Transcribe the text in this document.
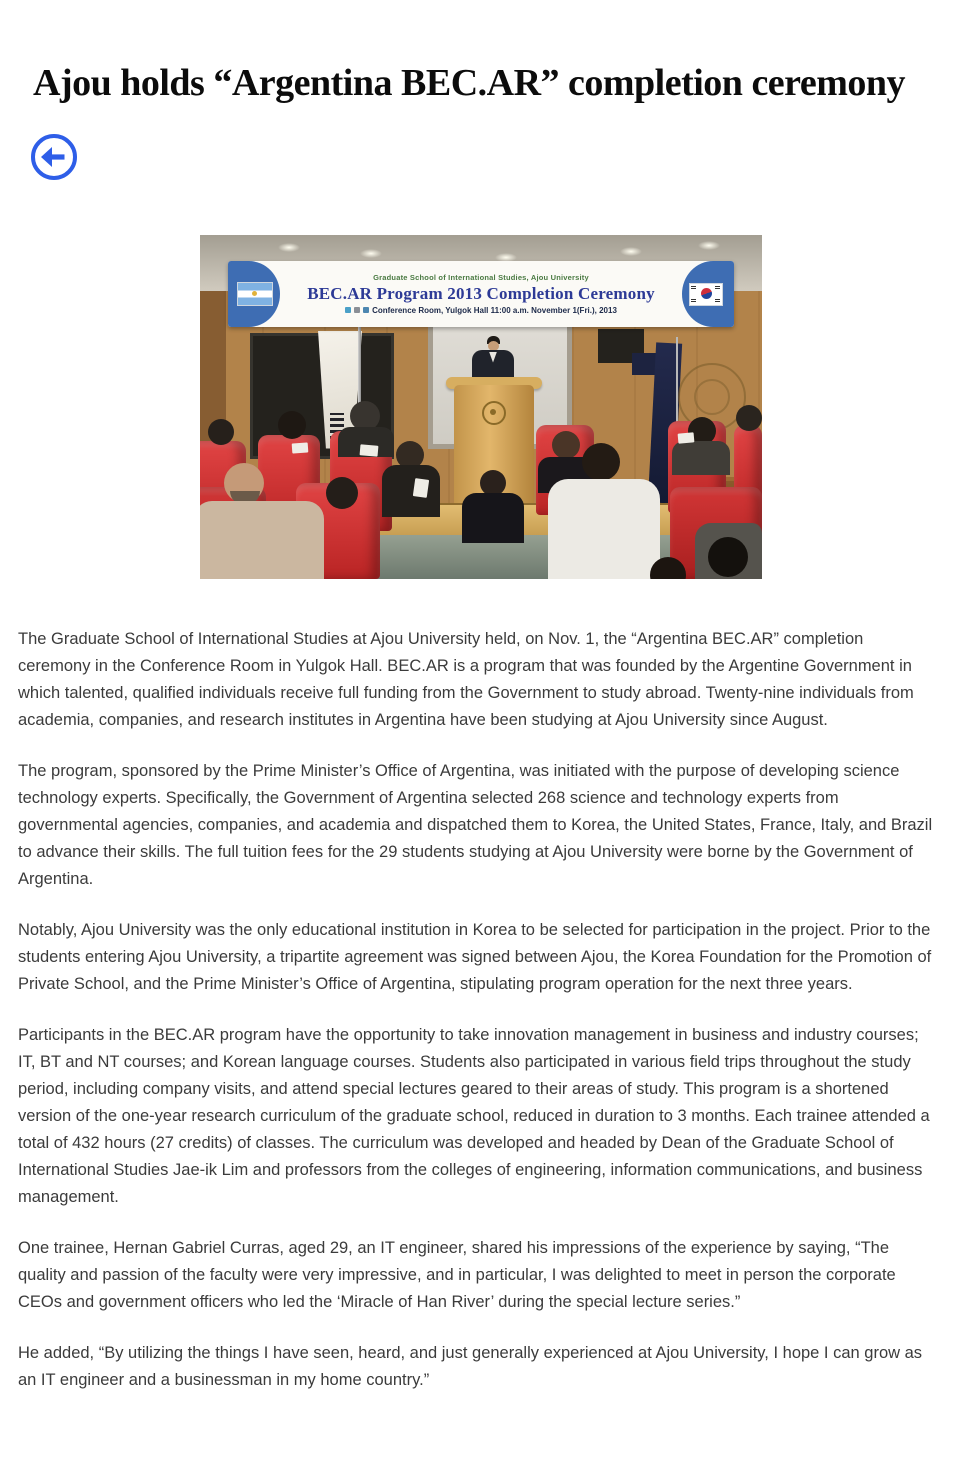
Ajou holds “Argentina BEC.AR” completion ceremony
Graduate School of International Studies, Ajou University
BEC.AR Program 2013 Completion Ceremony
Conference Room, Yulgok Hall 11:00 a.m. November 1(Fri.), 2013

The Graduate School of International Studies at Ajou University held, on Nov. 1, the “Argentina BEC.AR” completion ceremony in the Conference Room in Yulgok Hall. BEC.AR is a program that was founded by the Argentine Government in which talented, qualified individuals receive full funding from the Government to study abroad. Twenty-nine individuals from academia, companies, and research institutes in Argentina have been studying at Ajou University since August.

The program, sponsored by the Prime Minister’s Office of Argentina, was initiated with the purpose of developing science technology experts. Specifically, the Government of Argentina selected 268 science and technology experts from governmental agencies, companies, and academia and dispatched them to Korea, the United States, France, Italy, and Brazil to advance their skills. The full tuition fees for the 29 students studying at Ajou University were borne by the Government of Argentina.

Notably, Ajou University was the only educational institution in Korea to be selected for participation in the project. Prior to the students entering Ajou University, a tripartite agreement was signed between Ajou, the Korea Foundation for the Promotion of Private School, and the Prime Minister’s Office of Argentina, stipulating program operation for the next three years.

Participants in the BEC.AR program have the opportunity to take innovation management in business and industry courses; IT, BT and NT courses; and Korean language courses. Students also participated in various field trips throughout the study period, including company visits, and attend special lectures geared to their areas of study. This program is a shortened version of the one-year research curriculum of the graduate school, reduced in duration to 3 months. Each trainee attended a total of 432 hours (27 credits) of classes. The curriculum was developed and headed by Dean of the Graduate School of International Studies Jae-ik Lim and professors from the colleges of engineering, information communications, and business management.

One trainee, Hernan Gabriel Curras, aged 29, an IT engineer, shared his impressions of the experience by saying, “The quality and passion of the faculty were very impressive, and in particular, I was delighted to meet in person the corporate CEOs and government officers who led the ‘Miracle of Han River’ during the special lecture series.”

He added, “By utilizing the things I have seen, heard, and just generally experienced at Ajou University, I hope I can grow as an IT engineer and a businessman in my home country.”
